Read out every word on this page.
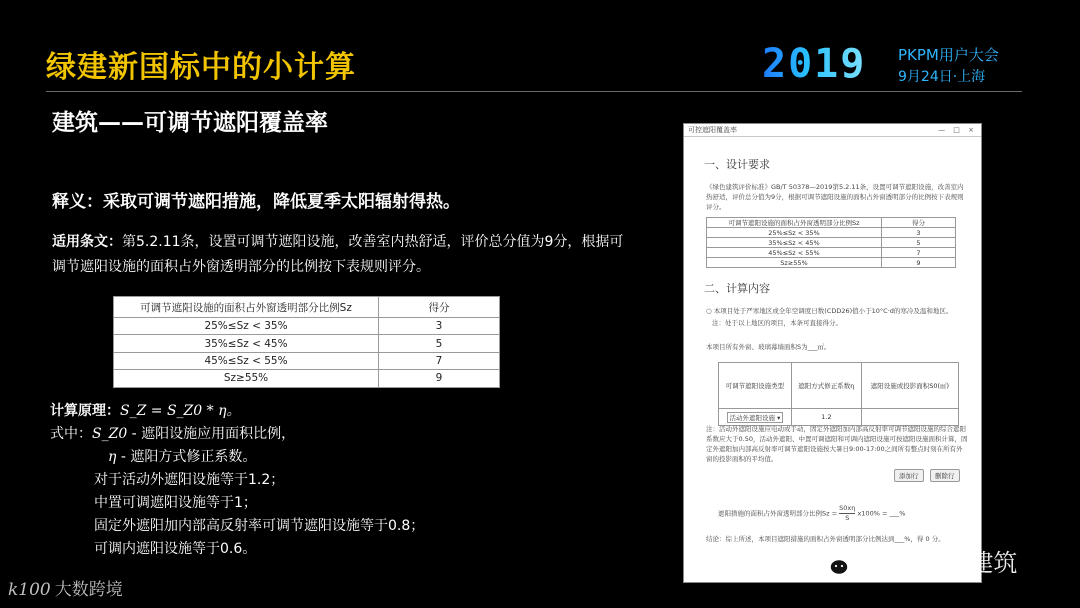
绿建新国标中的小计算	2019 PKPM用户大会
9月24日·上海
建筑——可调节遮阳覆盖率
释义：采取可调节遮阳措施，降低夏季太阳辐射得热。
适用条文：第5.2.11条，设置可调节遮阳设施，改善室内热舒适，评价总分值为9分，根据可调节遮阳设施的面积占外窗透明部分的比例按下表规则评分。
可调节遮阳设施的面积占外窗透明部分比例Sz	得分
25%≤Sz < 35%	3
35%≤Sz < 45%	5
45%≤Sz < 55%	7
Sz≥55%	9
计算原理：S_Z = S_Z0 * η。
式中：S_Z0 - 遮阳设施应用面积比例，
η - 遮阳方式修正系数。
对于活动外遮阳设施等于1.2；
中置可调遮阳设施等于1；
固定外遮阳加内部高反射率可调节遮阳设施等于0.8；
可调内遮阳设施等于0.6。
可控遮阳覆盖率	— □ ×
一、设计要求
《绿色建筑评价标准》GB/T 50378—2019第5.2.11条，设置可调节遮阳设施，改善室内热舒适，评价总分值为9分，根据可调节遮阳设施的面积占外窗透明部分的比例按下表规则评分。
可调节遮阳设施的面积占外窗透明部分比例Sz	得分
25%≤Sz < 35%	3
35%≤Sz < 45%	5
45%≤Sz < 55%	7
Sz≥55%	9
二、计算内容
○ 本项目处于严寒地区或全年空调度日数(CDD26)值小于10°C·d的寒冷及温和地区。
注：处于以上地区的项目，本条可直接得分。
本项目所有外窗、玻璃幕墙面积S为___㎡。
可调节遮阳设施类型	遮阳方式修正系数η	遮阳设施或投影面积S0(㎡)
活动外遮阳设施 ▾	1.2	
注：活动外遮阳设施应电动或手动，固定外遮阳加内部高反射率可调节遮阳设施的综合遮阳系数应大于0.50，活动外遮阳、中置可调遮阳和可调内遮阳设施可按遮阳设施面积计算，固定外遮阳加内部高反射率可调节遮阳设施按大暑日9:00-17:00之间所有整点时刻在所有外窗的投影面积的平均值。
添加行	删除行
遮阳措施的面积占外窗透明部分比例$Sz = \frac{S0x\eta}{S} x100\%$ = ___%
结论：综上所述，本项目遮阳措施的面积占外窗透明部分比例达到___%，得 0 分。
PKPM绿色建筑
k100 大数跨境
